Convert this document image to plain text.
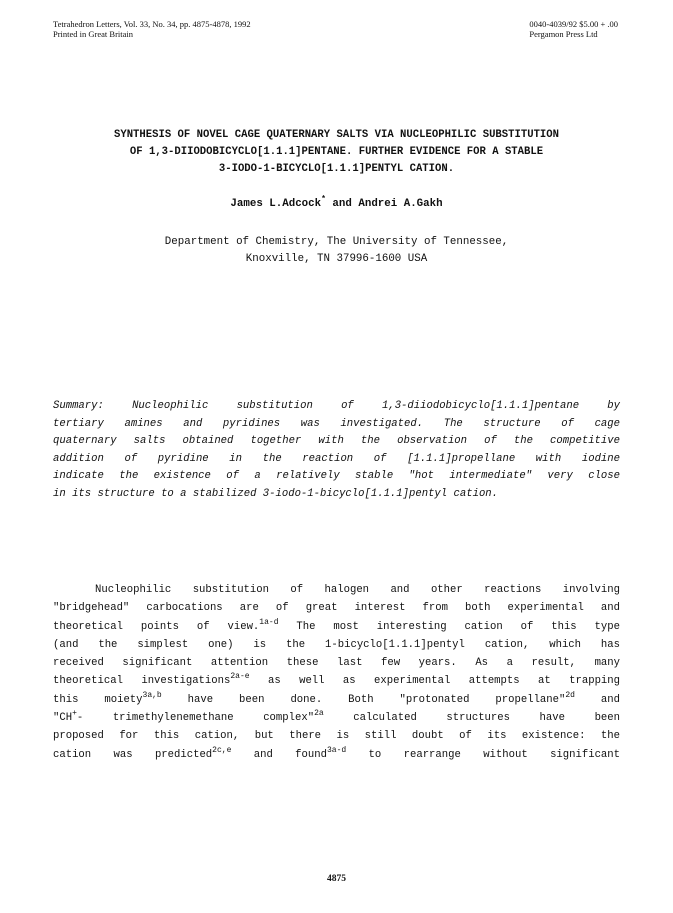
Tetrahedron Letters, Vol. 33, No. 34, pp. 4875-4878, 1992
Printed in Great Britain
0040-4039/92 $5.00 + .00
Pergamon Press Ltd
SYNTHESIS OF NOVEL CAGE QUATERNARY SALTS VIA NUCLEOPHILIC SUBSTITUTION
OF 1,3-DIIODOBICYCLO[1.1.1]PENTANE. FURTHER EVIDENCE FOR A STABLE
3-IODO-1-BICYCLO[1.1.1]PENTYL CATION.
James L.Adcock* and Andrei A.Gakh
Department of Chemistry, The University of Tennessee,
Knoxville, TN 37996-1600 USA
Summary: Nucleophilic substitution of 1,3-diiodobicyclo[1.1.1]pentane by
tertiary amines and pyridines was investigated. The structure of cage
quaternary salts obtained together with the observation of the competitive
addition of pyridine in the reaction of [1.1.1]propellane with iodine
indicate the existence of a relatively stable "hot intermediate" very close
in its structure to a stabilized 3-iodo-1-bicyclo[1.1.1]pentyl cation.
Nucleophilic substitution of halogen and other reactions involving
"bridgehead" carbocations are of great interest from both experimental and
theoretical points of view.$^{1a-d}$ The most interesting cation of this type
(and the simplest one) is the 1-bicyclo[1.1.1]pentyl cation, which has
received significant attention these last few years. As a result, many
theoretical investigations$^{2a-e}$ as well as experimental attempts at trapping
this moiety$^{3a,b}$ have been done. Both "protonated propellane"$^{2d}$ and
"CH+- trimethylenemethane complex"$^{2a}$ calculated structures have been
proposed for this cation, but there is still doubt of its existence: the
cation was predicted$^{2c,e}$ and found$^{3a-d}$ to rearrange without significant
4875
